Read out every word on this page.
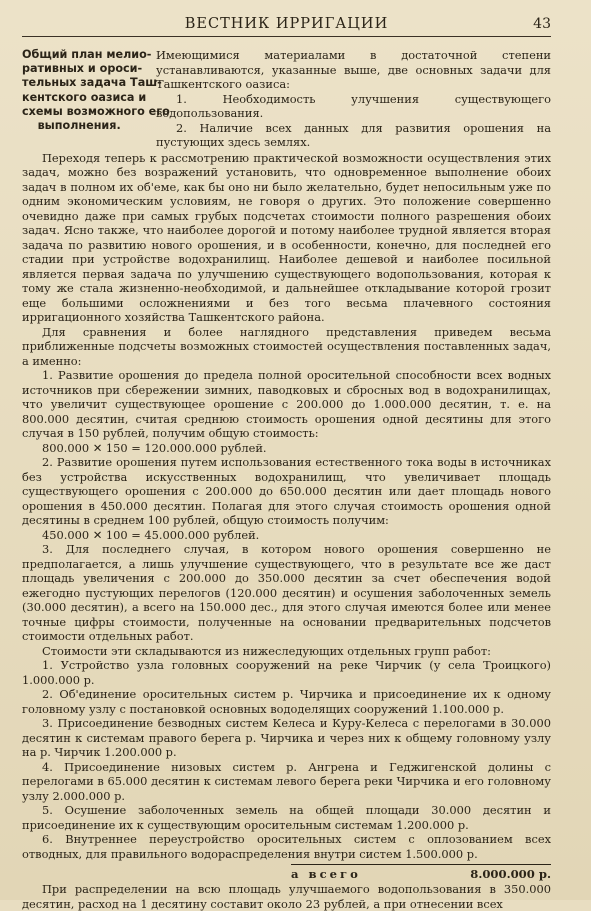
ВЕСТНИК ИРРИГАЦИИ	43
Общий план мелио-
ративных и ороси-
тельных задача Таш-
кентского оазиса и
схемы возможного его
выполнения.

Имеющимися материалами в достаточной степени устанавливаются, указанные выше, две основных задачи для Ташкентского оазиса:

1. Необходимость улучшения существующего водопользования.

2. Наличие всех данных для развития орошения на пустующих здесь землях.

Переходя теперь к рассмотрению практической возможности осуществления этих задач, можно без возражений установить, что одновременное выполнение обоих задач в полном их об'еме, как бы оно ни было желательно, будет непосильным уже по одним экономическим условиям, не говоря о других. Это положение совершенно очевидно даже при самых грубых подсчетах стоимости полного разрешения обоих задач. Ясно также, что наиболее дорогой и потому наиболее трудной является вторая задача по развитию нового орошения, и в особенности, конечно, для последней его стадии при устройстве водохранилищ. Наиболее дешевой и наиболее посильной является первая задача по улучшению существующего водопользования, которая к тому же стала жизненно-необходимой, и дальнейшее откладывание которой грозит еще большими осложнениями и без того весьма плачевного состояния ирригационного хозяйства Ташкентского района.

Для сравнения и более наглядного представления приведем весьма приближенные подсчеты возможных стоимостей осуществления поставленных задач, а именно:

1. Развитие орошения до предела полной оросительной способности всех водных источников при сбережении зимних, паводковых и сбросных вод в водохранилищах, что увеличит существующее орошение с 200.000 до 1.000.000 десятин, т. е. на 800.000 десятин, считая среднюю стоимость орошения одной десятины для этого случая в 150 рублей, получим общую стоимость:

800.000 ✕ 150 = 120.000.000 рублей.

2. Развитие орошения путем использования естественного тока воды в источниках без устройства искусственных водохранилищ, что увеличивает площадь существующего орошения с 200.000 до 650.000 десятин или дает площадь нового орошения в 450.000 десятин. Полагая для этого случая стоимость орошения одной десятины в среднем 100 рублей, общую стоимость получим:

450.000 ✕ 100 = 45.000.000 рублей.

3. Для последнего случая, в котором нового орошения совершенно не предполагается, а лишь улучшение существующего, что в результате все же даст площадь увеличения с 200.000 до 350.000 десятин за счет обеспечения водой ежегодно пустующих перелогов (120.000 десятин) и осушения заболоченных земель (30.000 десятин), а всего на 150.000 дес., для этого случая имеются более или менее точные цифры стоимости, полученные на основании предварительных подсчетов стоимости отдельных работ.

Стоимости эти складываются из нижеследующих отдельных групп работ:

1. Устройство узла головных сооружений на реке Чирчик (у села Троицкого) 1.000.000 р.

2. Об'единение оросительных систем р. Чирчика и присоединение их к одному головному узлу с постановкой основных вододелящих сооружений 1.100.000 р.

3. Присоединение безводных систем Келеса и Куру-Келеса с перелогами в 30.000 десятин к системам правого берега р. Чирчика и через них к общему головному узлу на р. Чирчик 1.200.000 р.

4. Присоединение низовых систем р. Ангрена и Геджигенской долины с перелогами в 65.000 десятин к системам левого берега реки Чирчика и его головному узлу 2.000.000 р.

5. Осушение заболоченных земель на общей площади 30.000 десятин и присоединение их к существующим оросительным системам 1.200.000 р.

6. Внутреннее переустройство оросительных систем с оплозованием всех отводных, для правильного водораспределения внутри систем 1.500.000 р.

а всего	8.000.000 р.

При распределении на всю площадь улучшаемого водопользования в 350.000 десятин, расход на 1 десятину составит около 23 рублей, а при отнесении всех
